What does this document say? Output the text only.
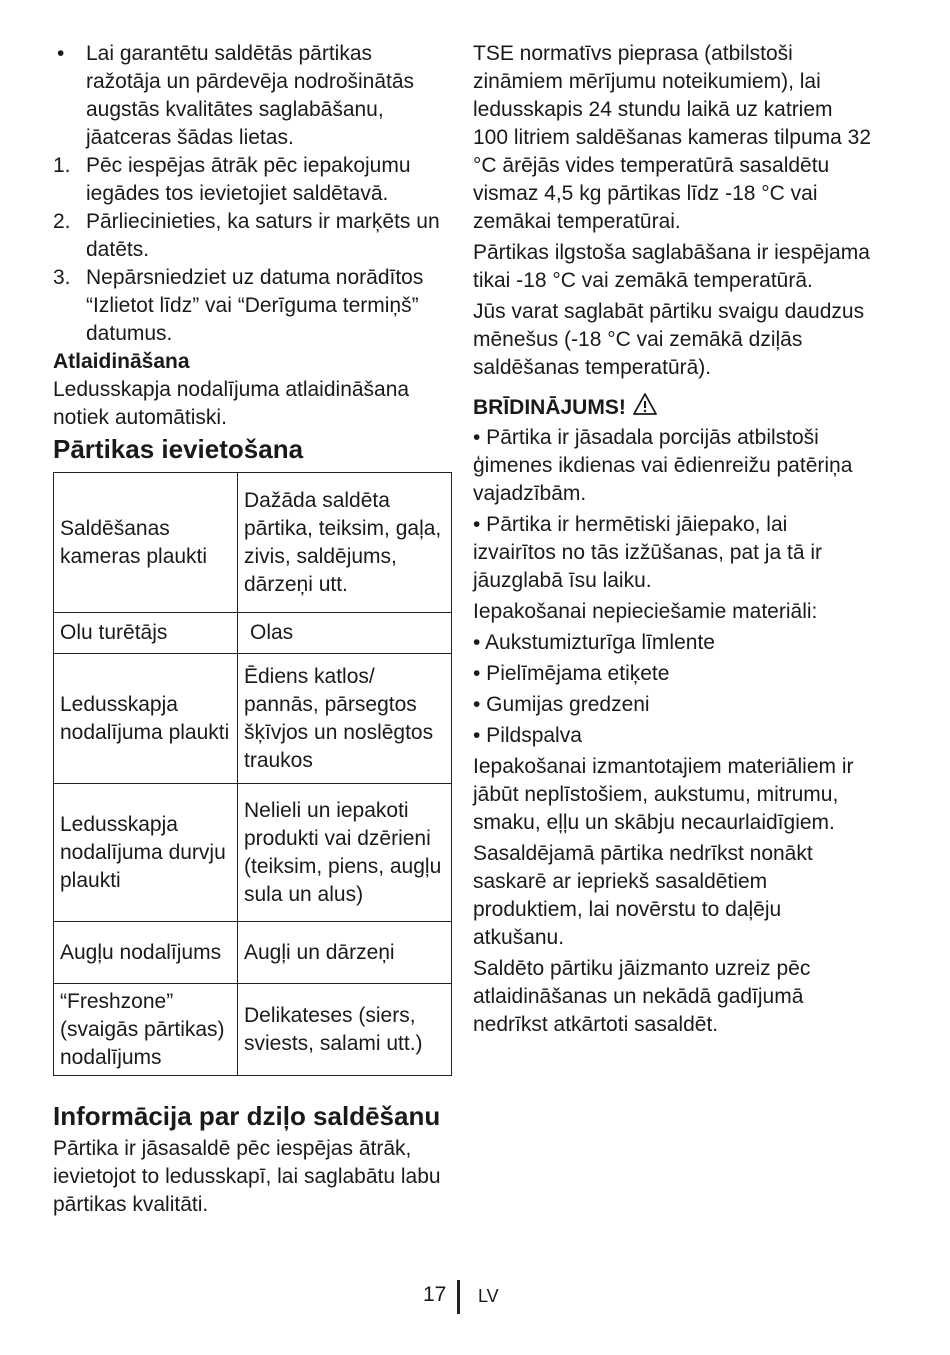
•	Lai garantētu saldētās pārtikas ražotāja un pārdevēja nodrošinātās augstās kvalitātes saglabāšanu, jāatceras šādas lietas.
1. Pēc iespējas ātrāk pēc iepakojumu iegādes tos ievietojiet saldētavā.
2. Pārliecinieties, ka saturs ir marķēts un datēts.
3. Nepārsniedziet uz datuma norādītos “Izlietot līdz” vai “Derīguma termiņš” datumus.
Atlaidināšana

Ledusskapja nodalījuma atlaidināšana notiek automātiski.

Pārtikas ievietošana
Saldēšanas kameras plaukti	Dažāda saldēta pārtika, teiksim, gaļa, zivis, saldējums, dārzeņi utt.
Olu turētājs	Olas
Ledusskapja nodalījuma plaukti	Ēdiens katlos/ pannās, pārsegtos šķīvjos un noslēgtos traukos
Ledusskapja nodalījuma durvju plaukti	Nelieli un iepakoti produkti vai dzērieni (teiksim, piens, augļu sula un alus)
Augļu nodalījums	Augļi un dārzeņi
“Freshzone” (svaigās pārtikas) nodalījums	Delikateses (siers, sviests, salami utt.)
Informācija par dziļo saldēšanu

Pārtika ir jāsasaldē pēc iespējas ātrāk, ievietojot to ledusskapī, lai saglabātu labu pārtikas kvalitāti.

TSE normatīvs pieprasa (atbilstoši zināmiem mērījumu noteikumiem), lai ledusskapis 24 stundu laikā uz katriem 100 litriem saldēšanas kameras tilpuma 32 °C ārējās vides temperatūrā sasaldētu vismaz 4,5 kg pārtikas līdz -18 °C vai zemākai temperatūrai.

Pārtikas ilgstoša saglabāšana ir iespējama tikai -18 °C vai zemākā temperatūrā.

Jūs varat saglabāt pārtiku svaigu daudzus mēnešus (-18 °C vai zemākā dziļās saldēšanas temperatūrā).

BRĪDINĀJUMS!

• Pārtika ir jāsadala porcijās atbilstoši ģimenes ikdienas vai ēdienreižu patēriņa vajadzībām.

• Pārtika ir hermētiski jāiepako, lai izvairītos no tās izžūšanas, pat ja tā ir jāuzglabā īsu laiku.

Iepakošanai nepieciešamie materiāli:

• Aukstumizturīga līmlente
• Pielīmējama etiķete
• Gumijas gredzeni
• Pildspalva

Iepakošanai izmantotajiem materiāliem ir jābūt neplīstošiem, aukstumu, mitrumu, smaku, eļļu un skābju necaurlaidīgiem.

Sasaldējamā pārtika nedrīkst nonākt saskarē ar iepriekš sasaldētiem produktiem, lai novērstu to daļēju atkušanu.

Saldēto pārtiku jāizmanto uzreiz pēc atlaidināšanas un nekādā gadījumā nedrīkst atkārtoti sasaldēt.

17 LV
